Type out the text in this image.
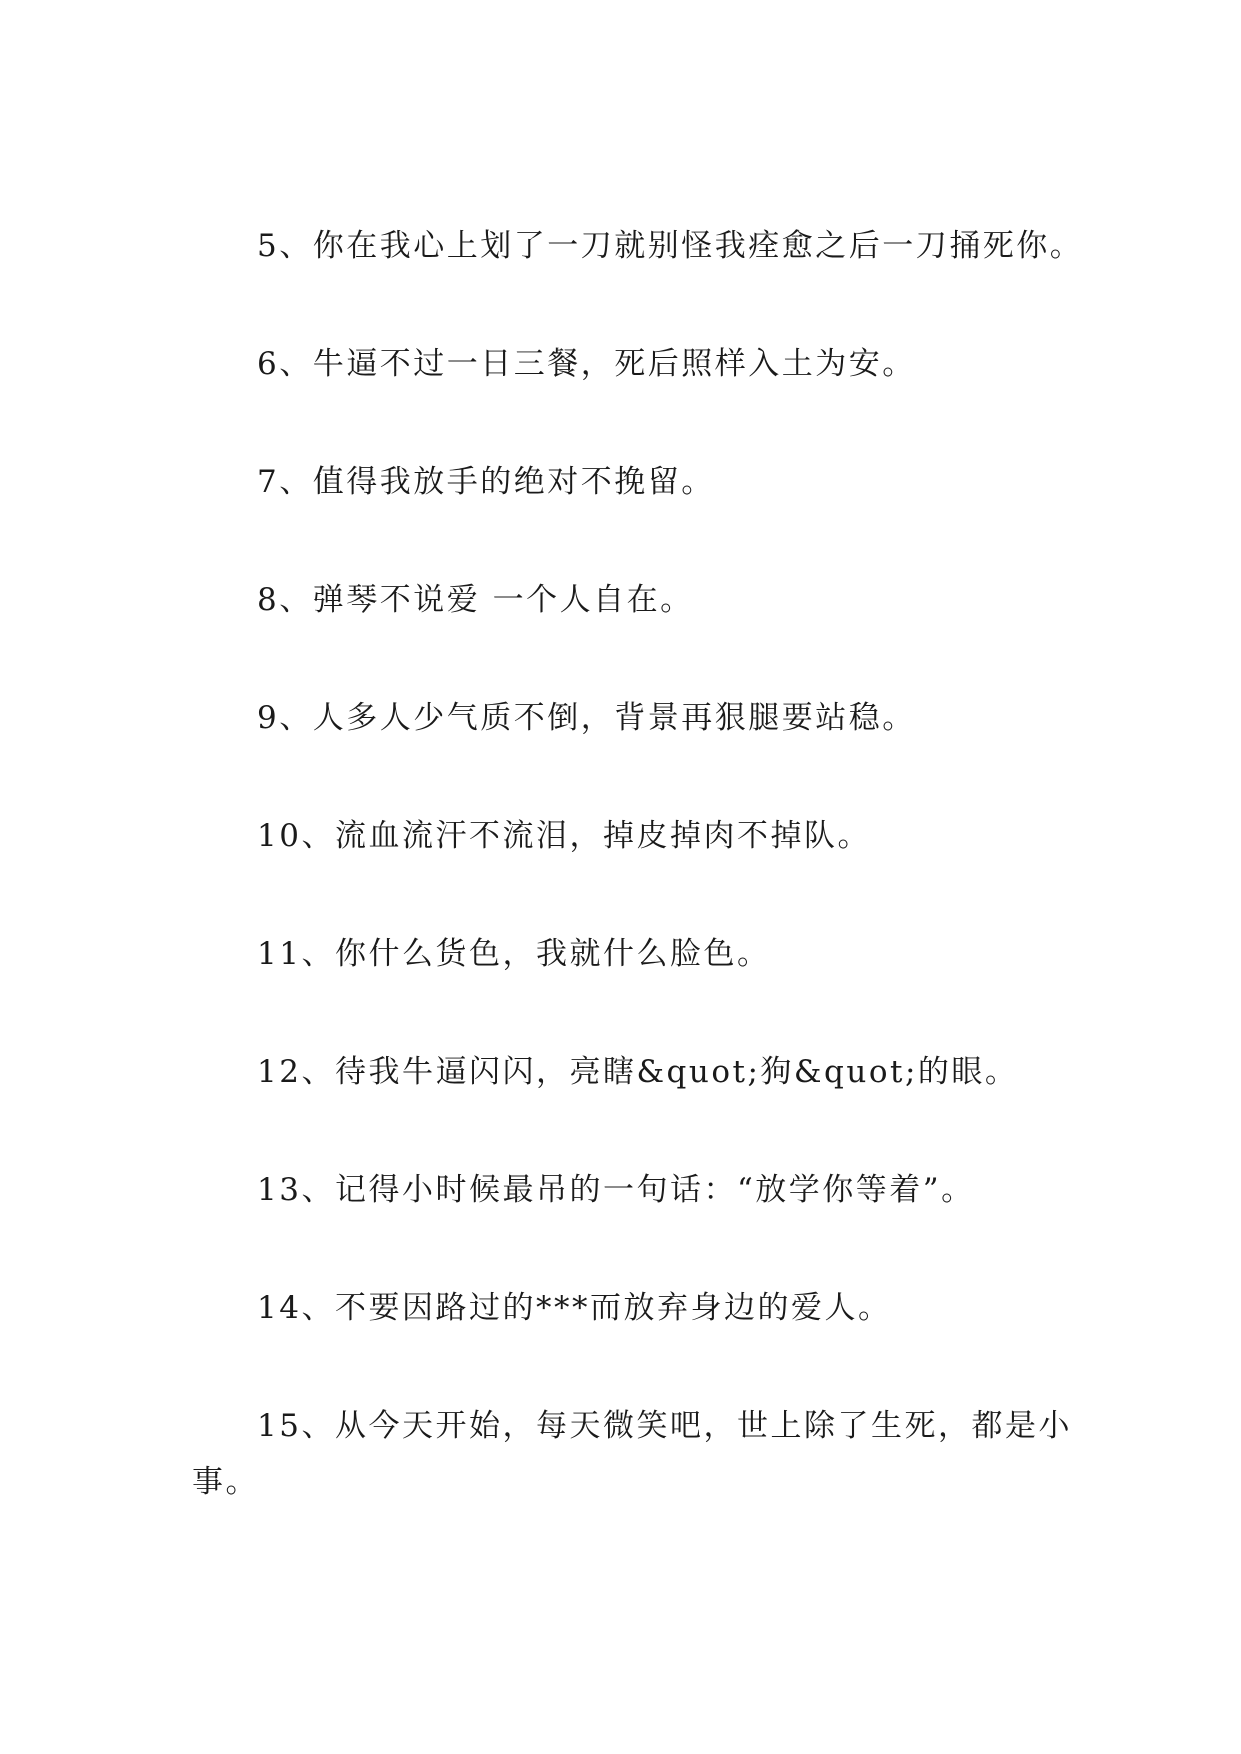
5、你在我心上划了一刀就别怪我痊愈之后一刀捅死你。

6、牛逼不过一日三餐，死后照样入土为安。

7、值得我放手的绝对不挽留。

8、弹琴不说爱 一个人自在。

9、人多人少气质不倒，背景再狠腿要站稳。

10、流血流汗不流泪，掉皮掉肉不掉队。

11、你什么货色，我就什么脸色。

12、待我牛逼闪闪，亮瞎&quot;狗&quot;的眼。

13、记得小时候最吊的一句话：“放学你等着”。

14、不要因路过的***而放弃身边的爱人。

15、从今天开始，每天微笑吧，世上除了生死，都是小事。
